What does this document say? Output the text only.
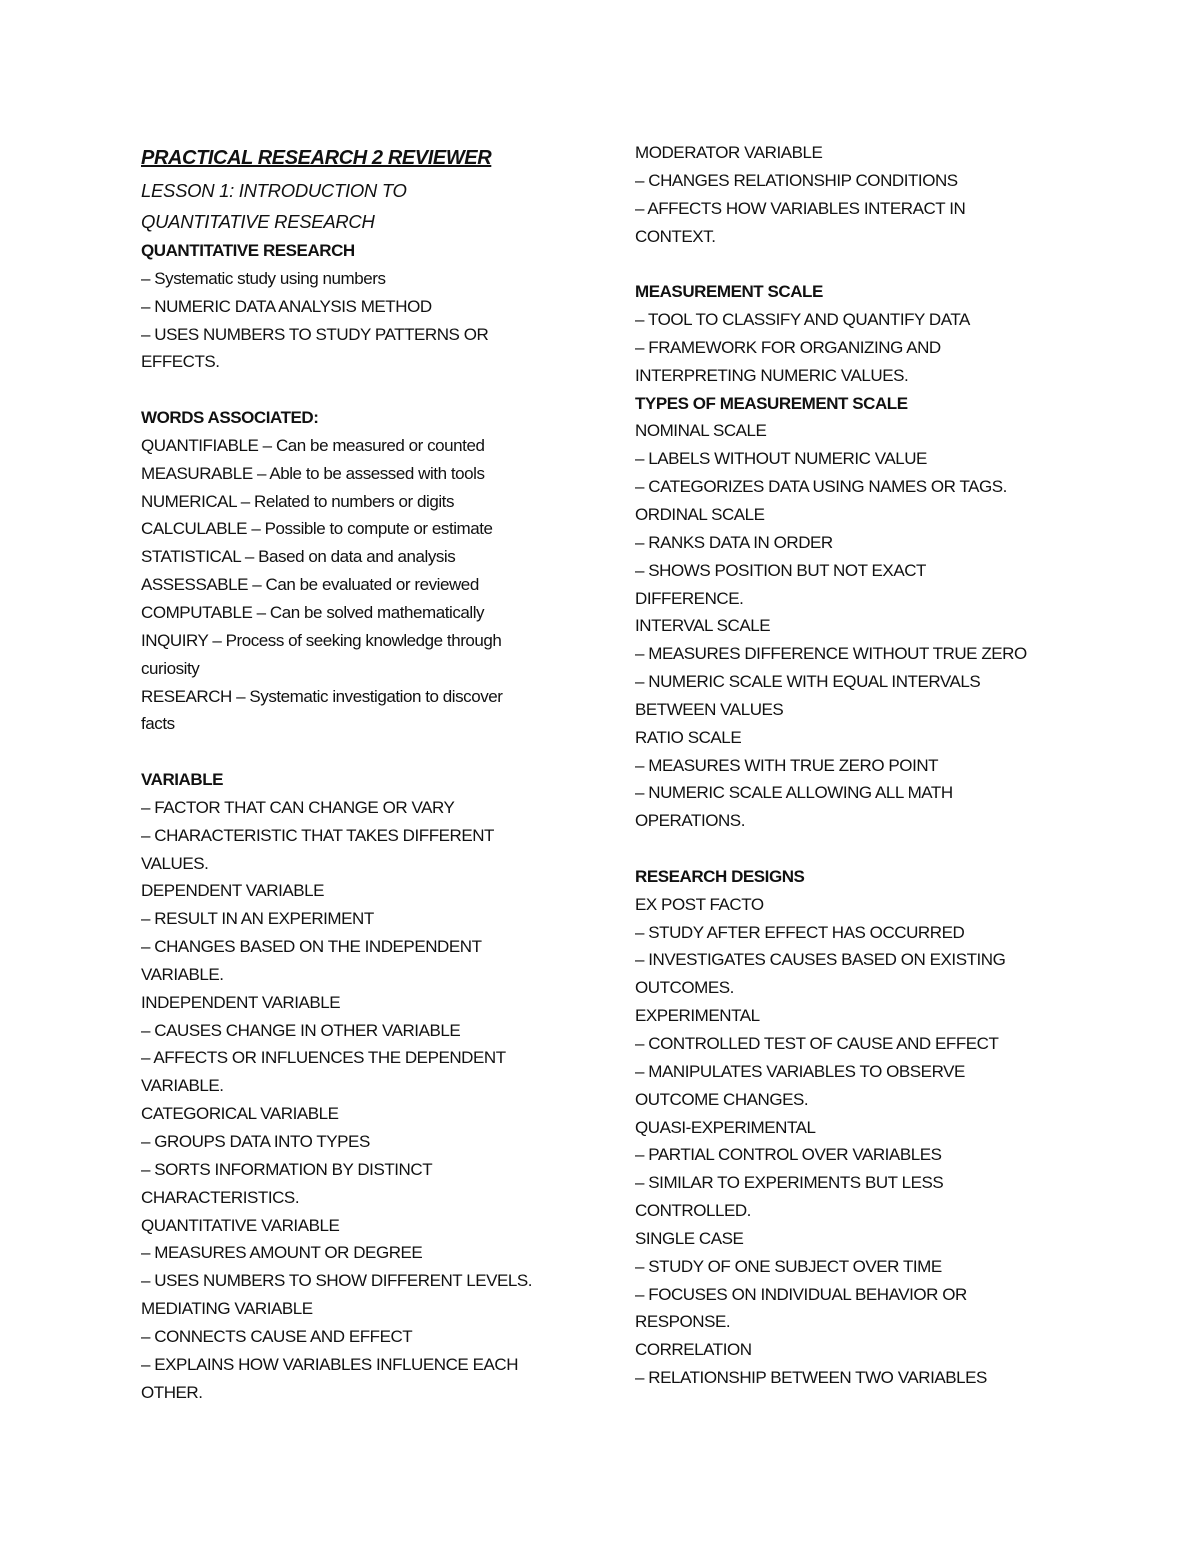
PRACTICAL RESEARCH 2 REVIEWER
LESSON 1: INTRODUCTION TO
QUANTITATIVE RESEARCH
QUANTITATIVE RESEARCH
– Systematic study using numbers
– NUMERIC DATA ANALYSIS METHOD
– USES NUMBERS TO STUDY PATTERNS OR
EFFECTS.
WORDS ASSOCIATED:
QUANTIFIABLE – Can be measured or counted
MEASURABLE – Able to be assessed with tools
NUMERICAL – Related to numbers or digits
CALCULABLE – Possible to compute or estimate
STATISTICAL – Based on data and analysis
ASSESSABLE – Can be evaluated or reviewed
COMPUTABLE – Can be solved mathematically
INQUIRY – Process of seeking knowledge through
curiosity
RESEARCH – Systematic investigation to discover
facts
VARIABLE
– FACTOR THAT CAN CHANGE OR VARY
– CHARACTERISTIC THAT TAKES DIFFERENT
VALUES.
DEPENDENT VARIABLE
– RESULT IN AN EXPERIMENT
– CHANGES BASED ON THE INDEPENDENT
VARIABLE.
INDEPENDENT VARIABLE
– CAUSES CHANGE IN OTHER VARIABLE
– AFFECTS OR INFLUENCES THE DEPENDENT
VARIABLE.
CATEGORICAL VARIABLE
– GROUPS DATA INTO TYPES
– SORTS INFORMATION BY DISTINCT
CHARACTERISTICS.
QUANTITATIVE VARIABLE
– MEASURES AMOUNT OR DEGREE
– USES NUMBERS TO SHOW DIFFERENT LEVELS.
MEDIATING VARIABLE
– CONNECTS CAUSE AND EFFECT
– EXPLAINS HOW VARIABLES INFLUENCE EACH
OTHER.
MODERATOR VARIABLE
– CHANGES RELATIONSHIP CONDITIONS
– AFFECTS HOW VARIABLES INTERACT IN
CONTEXT.
MEASUREMENT SCALE
– TOOL TO CLASSIFY AND QUANTIFY DATA
– FRAMEWORK FOR ORGANIZING AND
INTERPRETING NUMERIC VALUES.
TYPES OF MEASUREMENT SCALE
NOMINAL SCALE
– LABELS WITHOUT NUMERIC VALUE
– CATEGORIZES DATA USING NAMES OR TAGS.
ORDINAL SCALE
– RANKS DATA IN ORDER
– SHOWS POSITION BUT NOT EXACT
DIFFERENCE.
INTERVAL SCALE
– MEASURES DIFFERENCE WITHOUT TRUE ZERO
– NUMERIC SCALE WITH EQUAL INTERVALS
BETWEEN VALUES
RATIO SCALE
– MEASURES WITH TRUE ZERO POINT
– NUMERIC SCALE ALLOWING ALL MATH
OPERATIONS.
RESEARCH DESIGNS
EX POST FACTO
– STUDY AFTER EFFECT HAS OCCURRED
– INVESTIGATES CAUSES BASED ON EXISTING
OUTCOMES.
EXPERIMENTAL
– CONTROLLED TEST OF CAUSE AND EFFECT
– MANIPULATES VARIABLES TO OBSERVE
OUTCOME CHANGES.
QUASI-EXPERIMENTAL
– PARTIAL CONTROL OVER VARIABLES
– SIMILAR TO EXPERIMENTS BUT LESS
CONTROLLED.
SINGLE CASE
– STUDY OF ONE SUBJECT OVER TIME
– FOCUSES ON INDIVIDUAL BEHAVIOR OR
RESPONSE.
CORRELATION
– RELATIONSHIP BETWEEN TWO VARIABLES
